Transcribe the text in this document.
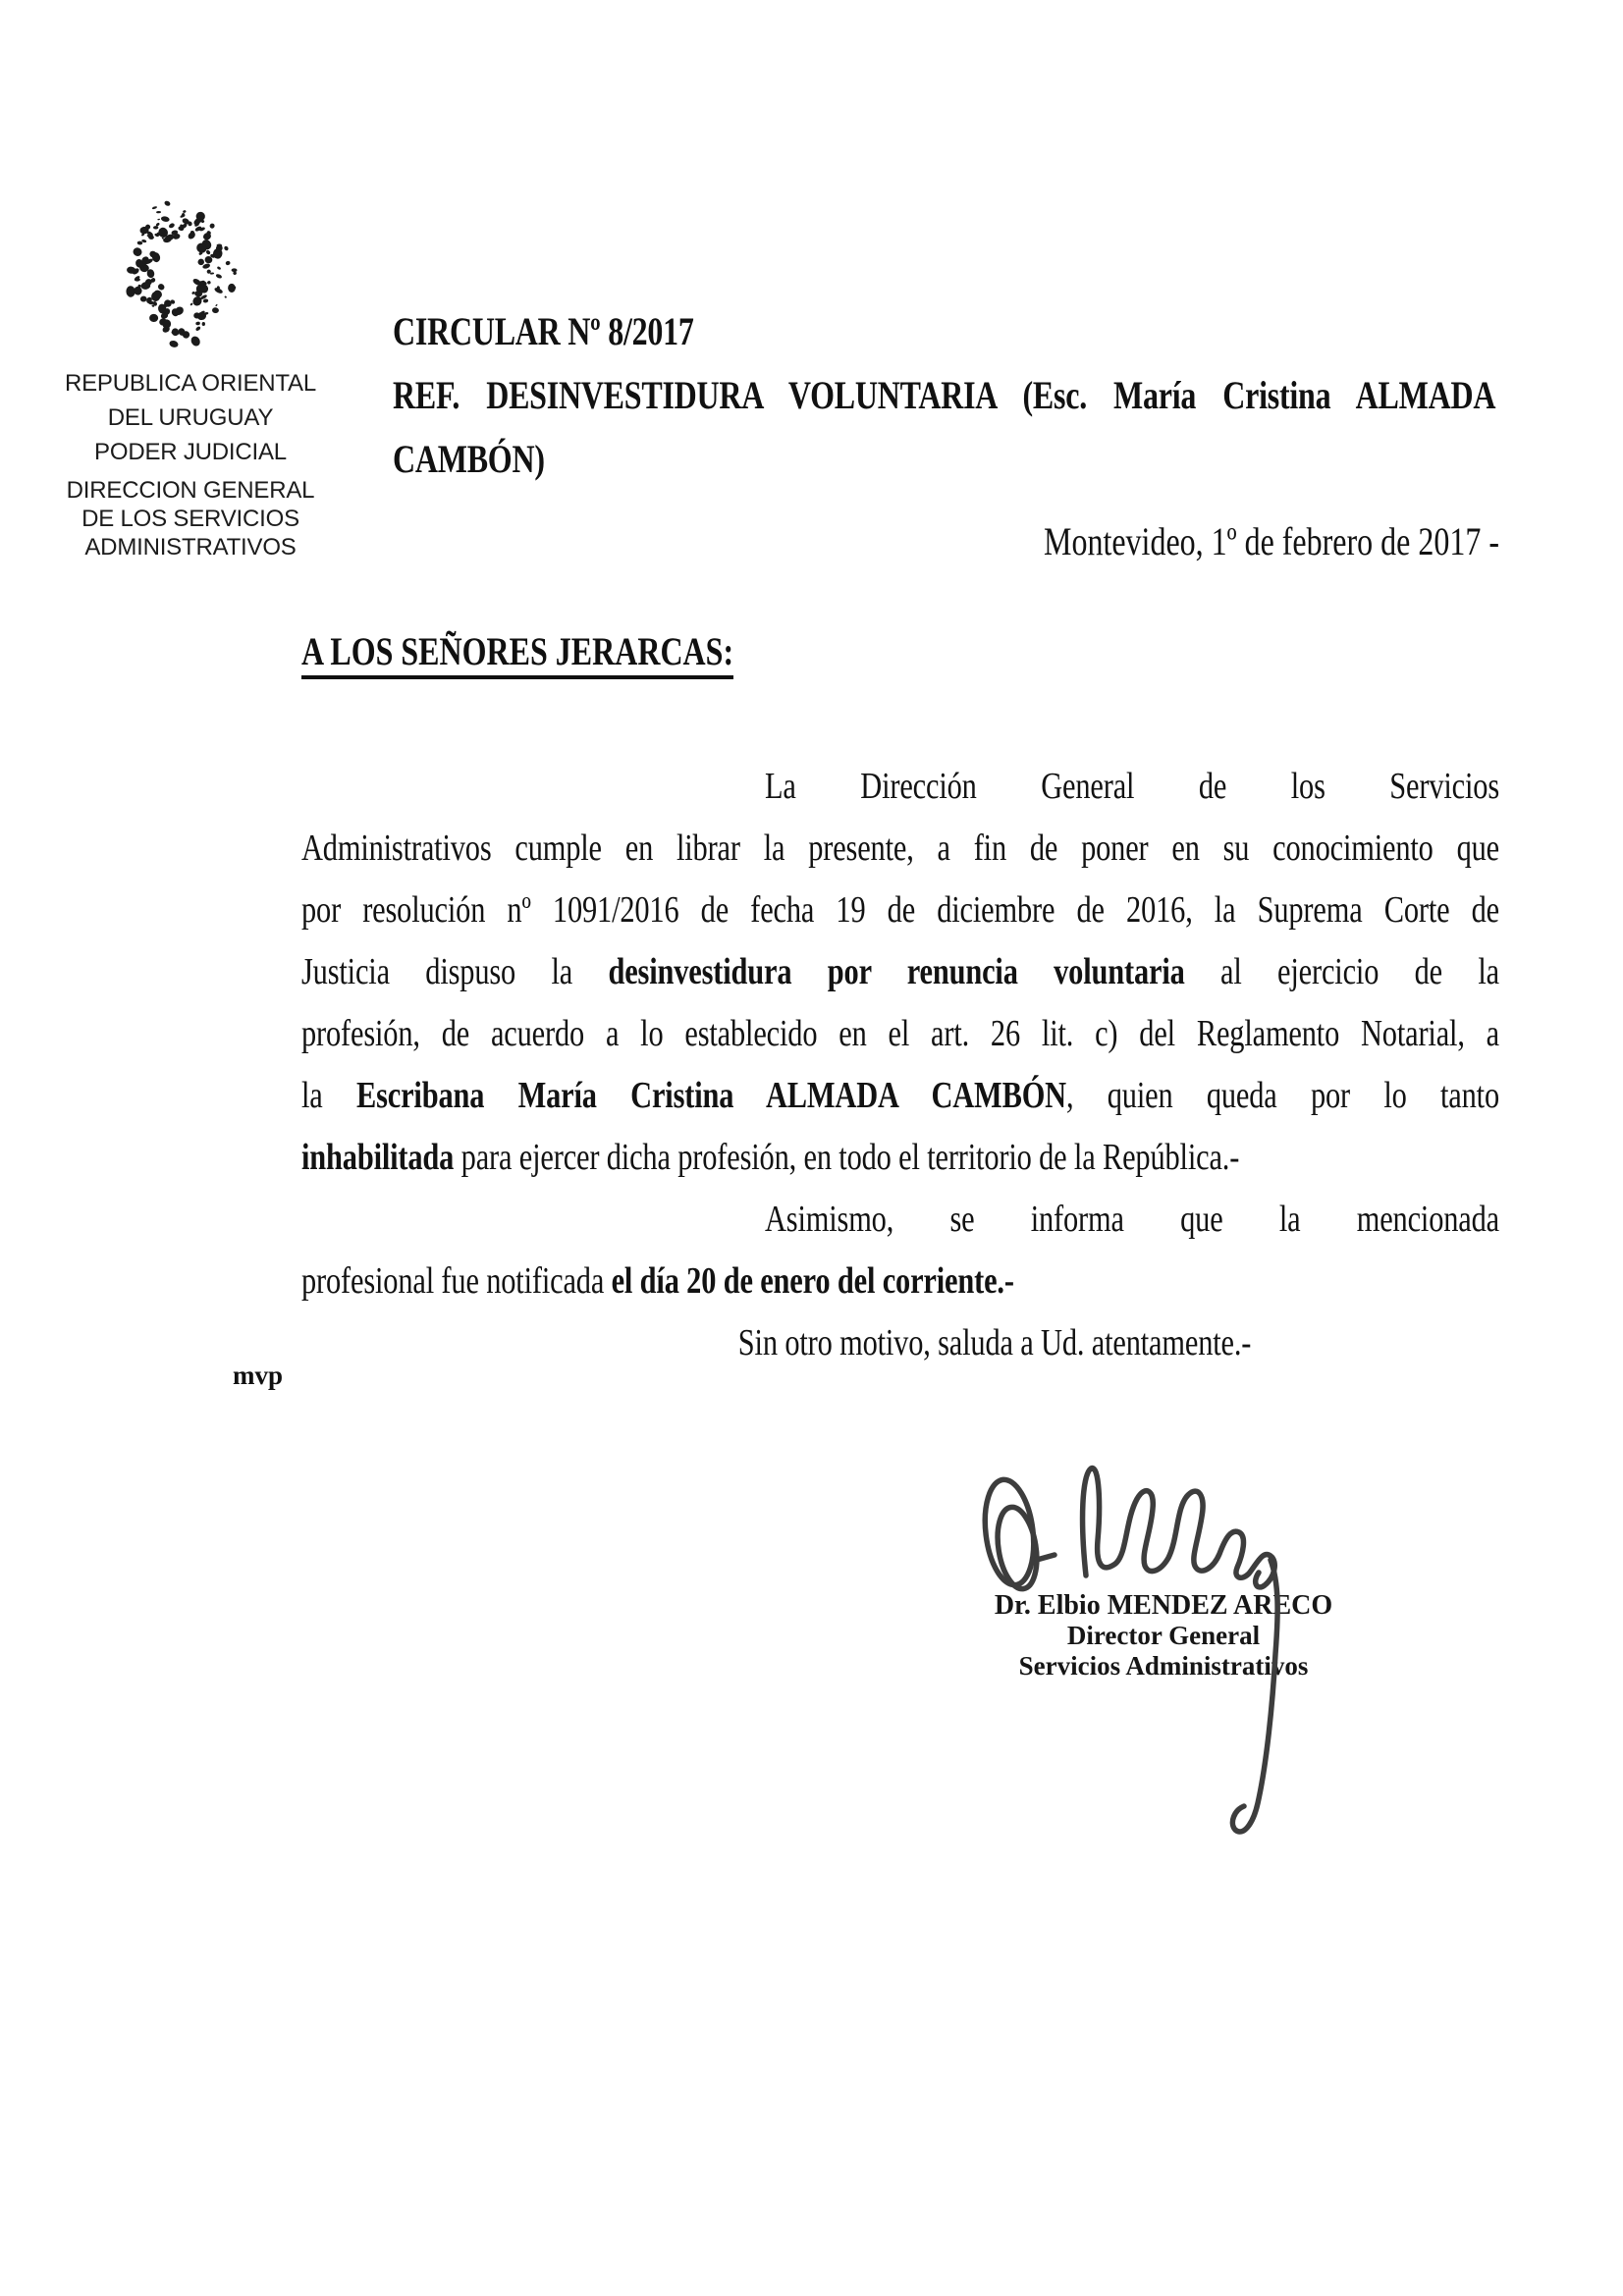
REPUBLICA ORIENTAL
DEL URUGUAY
PODER JUDICIAL
DIRECCION GENERAL
DE LOS SERVICIOS
ADMINISTRATIVOS
CIRCULAR Nº 8/2017
REF. DESINVESTIDURA VOLUNTARIA (Esc. María Cristina ALMADA
CAMBÓN)
Montevideo, 1º de febrero de 2017 -
A LOS SEÑORES JERARCAS:
La Dirección General de los Servicios
Administrativos cumple en librar la presente, a fin de poner en su conocimiento que
por resolución nº 1091/2016 de fecha 19 de diciembre de 2016, la Suprema Corte de
Justicia dispuso la desinvestidura por renuncia voluntaria al ejercicio de la
profesión, de acuerdo a lo establecido en el art. 26 lit. c) del Reglamento Notarial, a
la Escribana María Cristina ALMADA CAMBÓN, quien queda por lo tanto
inhabilitada para ejercer dicha profesión, en todo el territorio de la República.-
Asimismo, se informa que la mencionada
profesional fue notificada el día 20 de enero del corriente.-
Sin otro motivo, saluda a Ud. atentamente.-
mvp
Dr. Elbio MENDEZ ARECO
Director General
Servicios Administrativos
